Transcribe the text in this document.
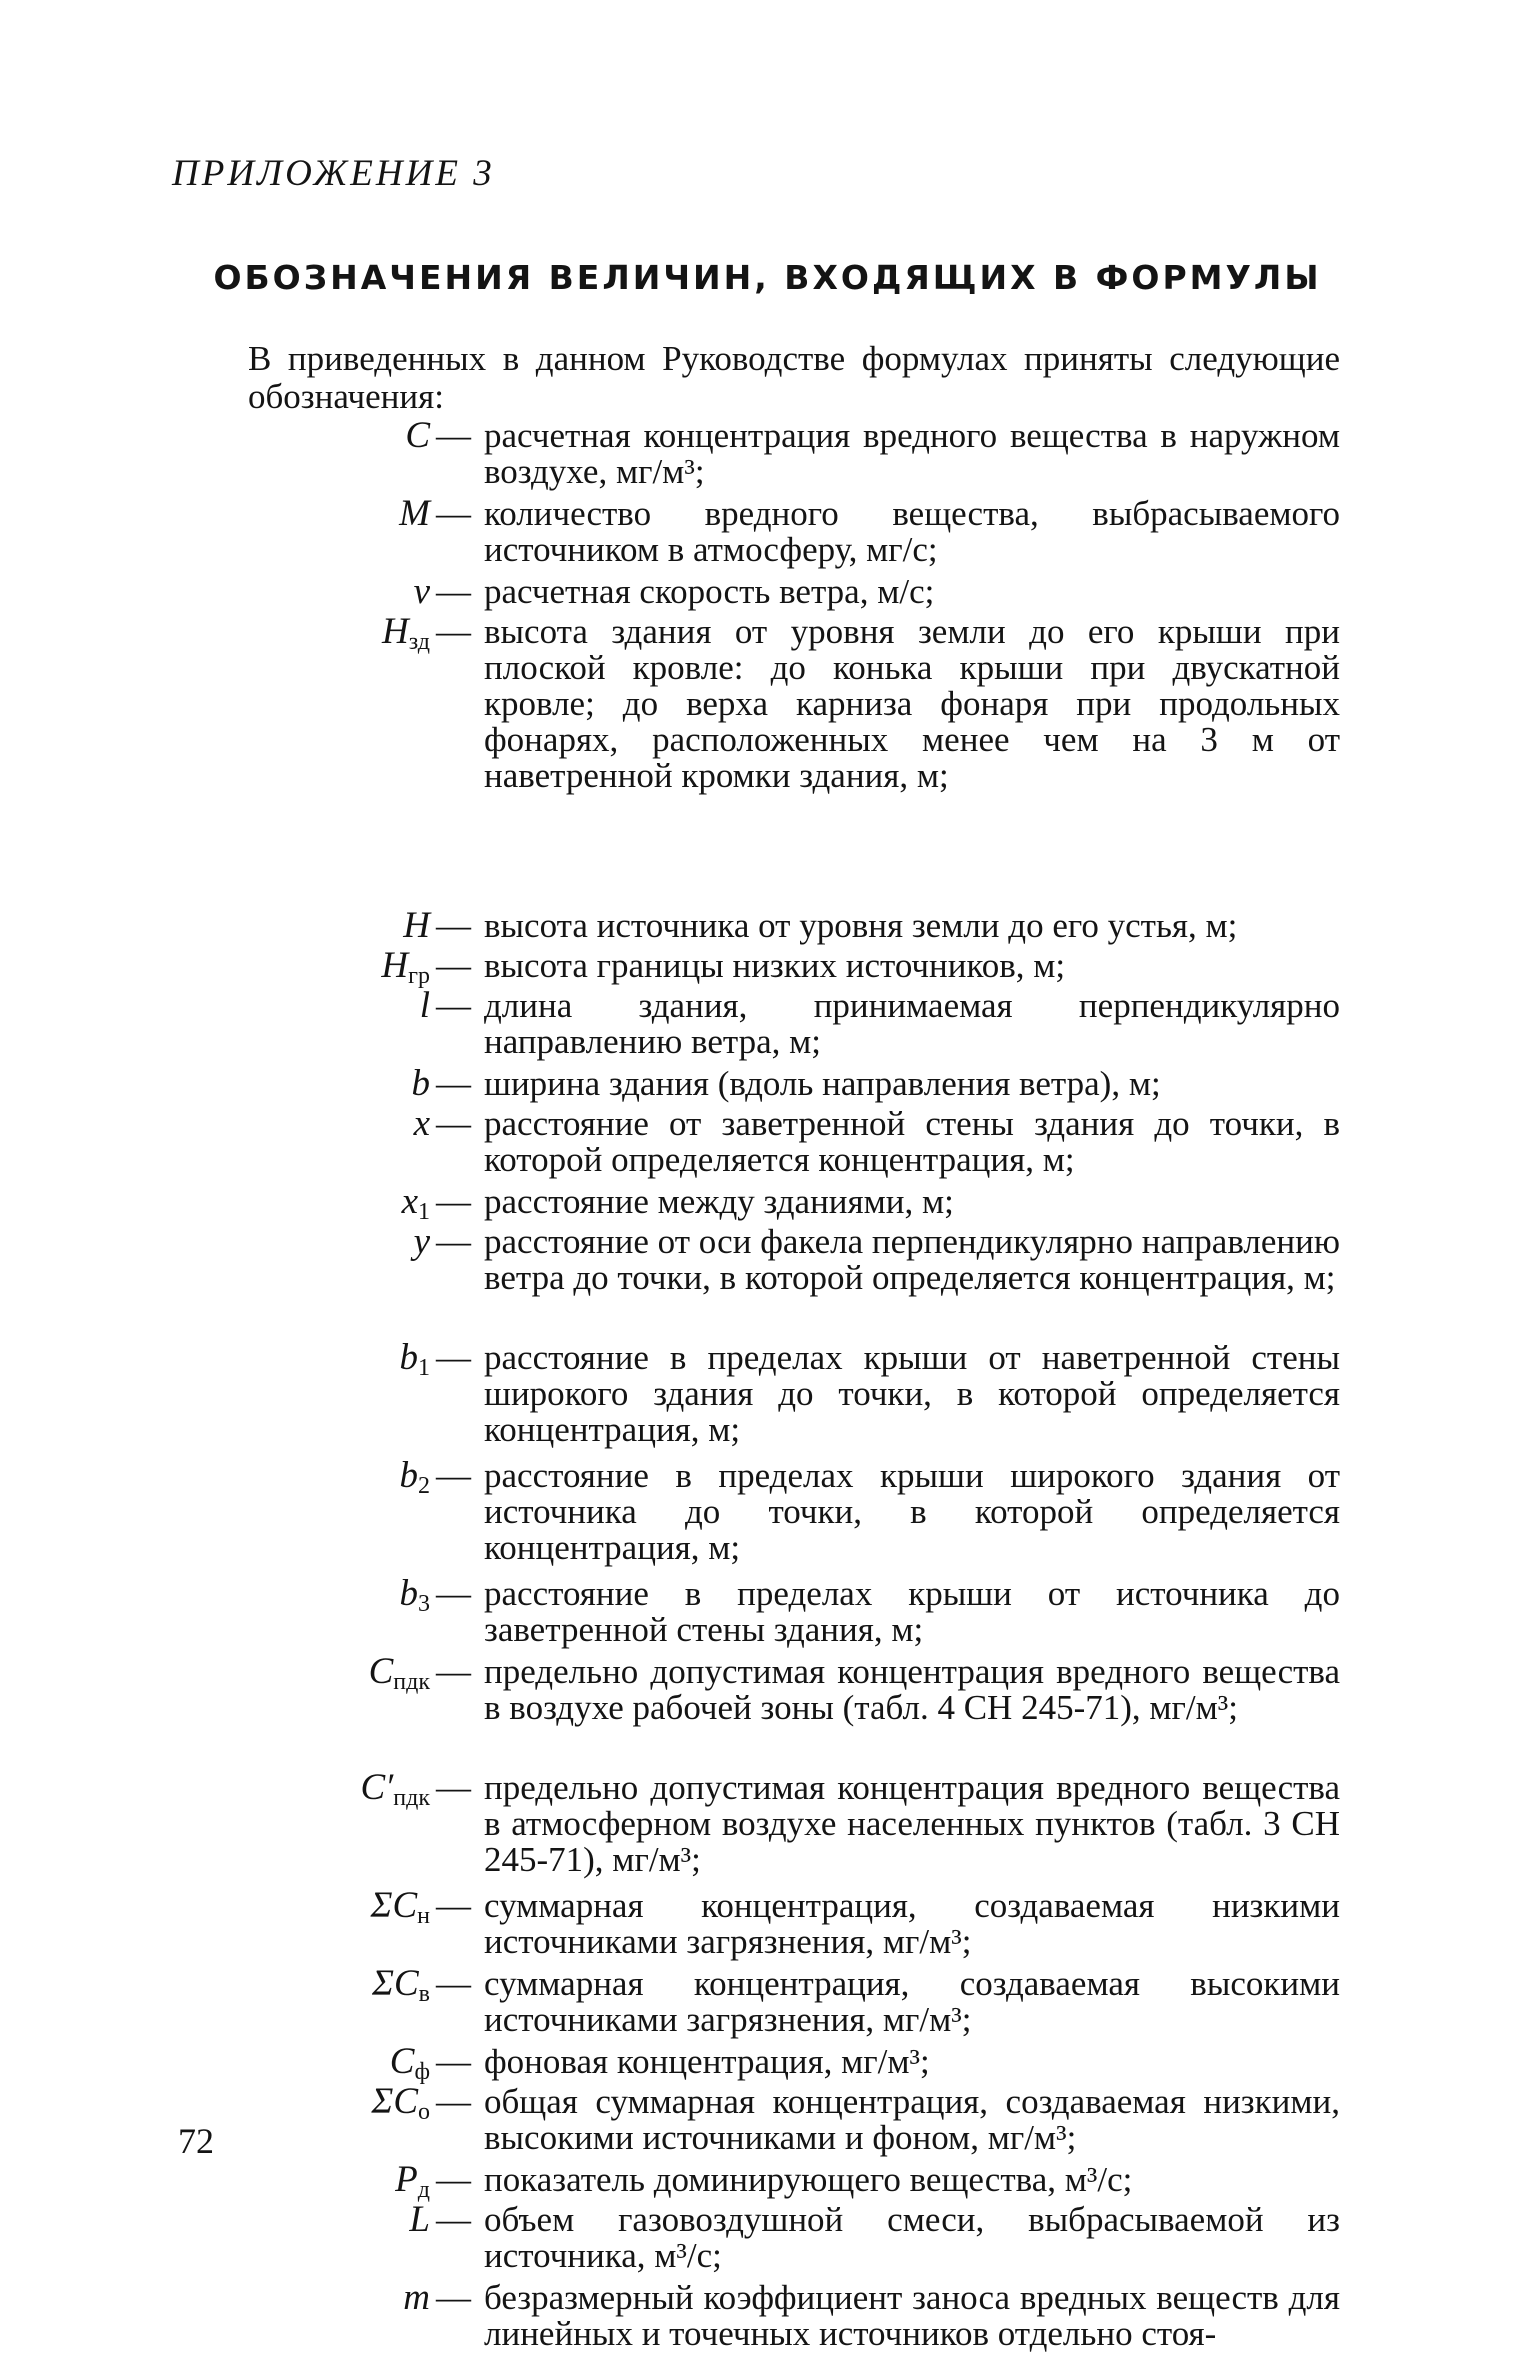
ПРИЛОЖЕНИЕ 3
ОБОЗНАЧЕНИЯ ВЕЛИЧИН, ВХОДЯЩИХ В ФОРМУЛЫ
В приведенных в данном Руководстве формулах приняты следующие обозначения:
C — расчетная концентрация вредного вещества в наружном воздухе, мг/м³;
M — количество вредного вещества, выбрасываемого источником в атмосферу, мг/с;
v — расчетная скорость ветра, м/с;
$H_{зд}$ — высота здания от уровня земли до его крыши при плоской кровле: до конька крыши при двускатной кровле; до верха карниза фонаря при продольных фонарях, расположенных менее чем на 3 м от наветренной кромки здания, м;
H — высота источника от уровня земли до его устья, м;
$H_{гр}$ — высота границы низких источников, м;
l — длина здания, принимаемая перпендикулярно направлению ветра, м;
b — ширина здания (вдоль направления ветра), м;
x — расстояние от заветренной стены здания до точки, в которой определяется концентрация, м;
$x_1$ — расстояние между зданиями, м;
y — расстояние от оси факела перпендикулярно направлению ветра до точки, в которой определяется концентрация, м;
$b_1$ — расстояние в пределах крыши от наветренной стены широкого здания до точки, в которой определяется концентрация, м;
$b_2$ — расстояние в пределах крыши широкого здания от источника до точки, в которой определяется концентрация, м;
$b_3$ — расстояние в пределах крыши от источника до заветренной стены здания, м;
$C_{пдк}$ — предельно допустимая концентрация вредного вещества в воздухе рабочей зоны (табл. 4 СН 245-71), мг/м³;
$C'_{пдк}$ — предельно допустимая концентрация вредного вещества в атмосферном воздухе населенных пунктов (табл. 3 СН 245-71), мг/м³;
$\Sigma C_н$ — суммарная концентрация, создаваемая низкими источниками загрязнения, мг/м³;
$\Sigma C_в$ — суммарная концентрация, создаваемая высокими источниками загрязнения, мг/м³;
$C_ф$ — фоновая концентрация, мг/м³;
$\Sigma C_о$ — общая суммарная концентрация, создаваемая низкими, высокими источниками и фоном, мг/м³;
$P_д$ — показатель доминирующего вещества, м³/с;
L — объем газовоздушной смеси, выбрасываемой из источника, м³/с;
m — безразмерный коэффициент заноса вредных веществ для линейных и точечных источников отдельно стоя-
72
